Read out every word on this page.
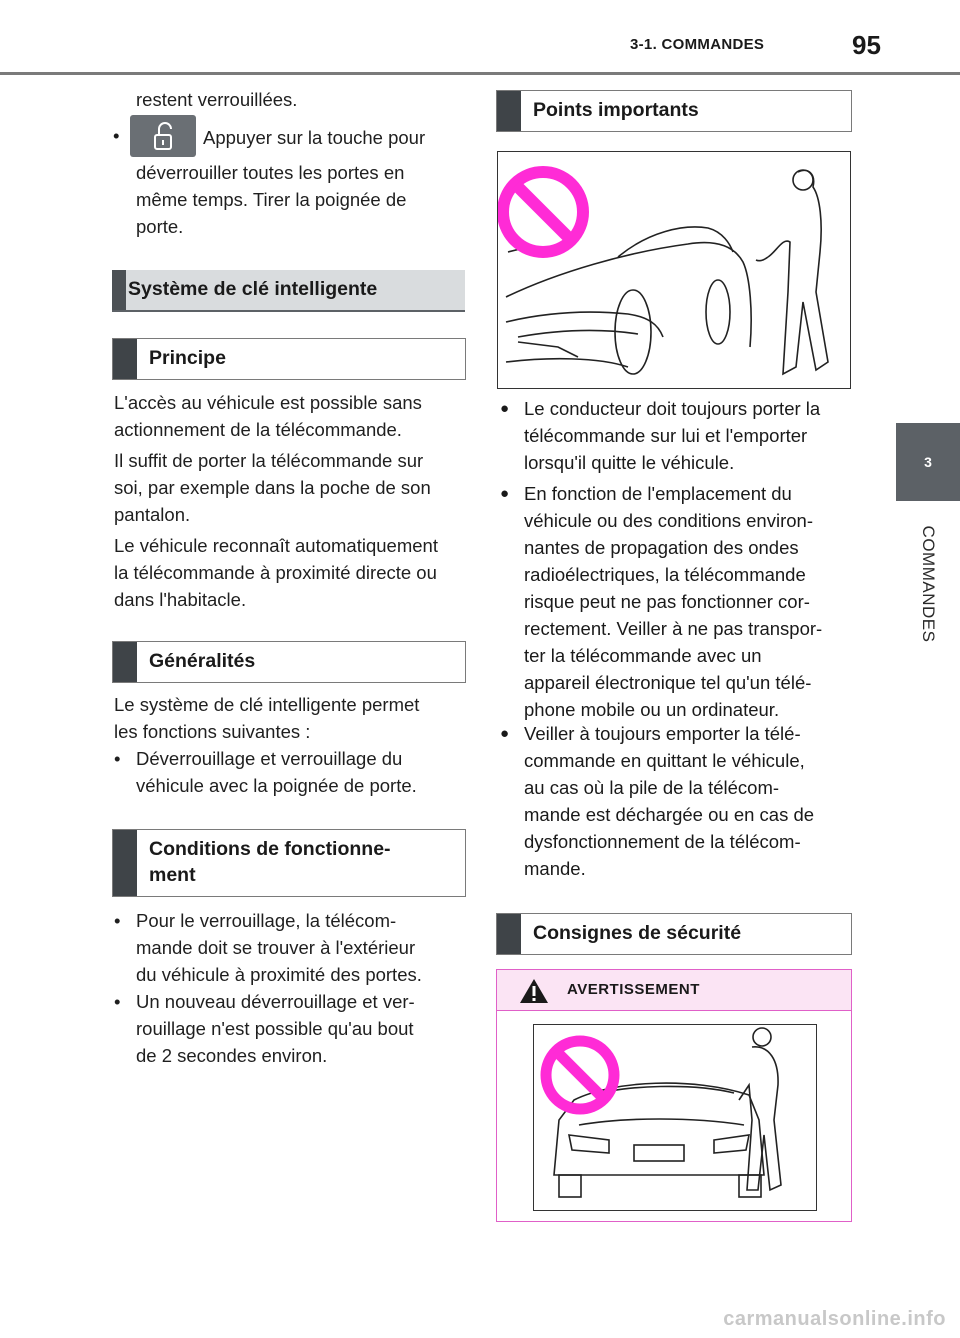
3-1. COMMANDES	95
3
COMMANDES
restent verrouillées.
•	Appuyer sur la touche pour
déverrouiller toutes les portes en
même temps. Tirer la poignée de
porte.
Système de clé intelligente
Principe
L'accès au véhicule est possible sans
actionnement de la télécommande.
Il suffit de porter la télécommande sur
soi, par exemple dans la poche de son
pantalon.
Le véhicule reconnaît automatiquement
la télécommande à proximité directe ou
dans l'habitacle.
Généralités
Le système de clé intelligente permet
les fonctions suivantes :
• Déverrouillage et verrouillage du
véhicule avec la poignée de porte.
Conditions de fonctionne-
ment
• Pour le verrouillage, la télécom-
mande doit se trouver à l'extérieur
du véhicule à proximité des portes.
• Un nouveau déverrouillage et ver-
rouillage n'est possible qu'au bout
de 2 secondes environ.
Points importants
● Le conducteur doit toujours porter la
télécommande sur lui et l'emporter
lorsqu'il quitte le véhicule.
● En fonction de l'emplacement du
véhicule ou des conditions environ-
nantes de propagation des ondes
radioélectriques, la télécommande
risque peut ne pas fonctionner cor-
rectement. Veiller à ne pas transpor-
ter la télécommande avec un
appareil électronique tel qu'un télé-
phone mobile ou un ordinateur.
● Veiller à toujours emporter la télé-
commande en quittant le véhicule,
au cas où la pile de la télécom-
mande est déchargée ou en cas de
dysfonctionnement de la télécom-
mande.
Consignes de sécurité
AVERTISSEMENT
carmanualsonline.info
